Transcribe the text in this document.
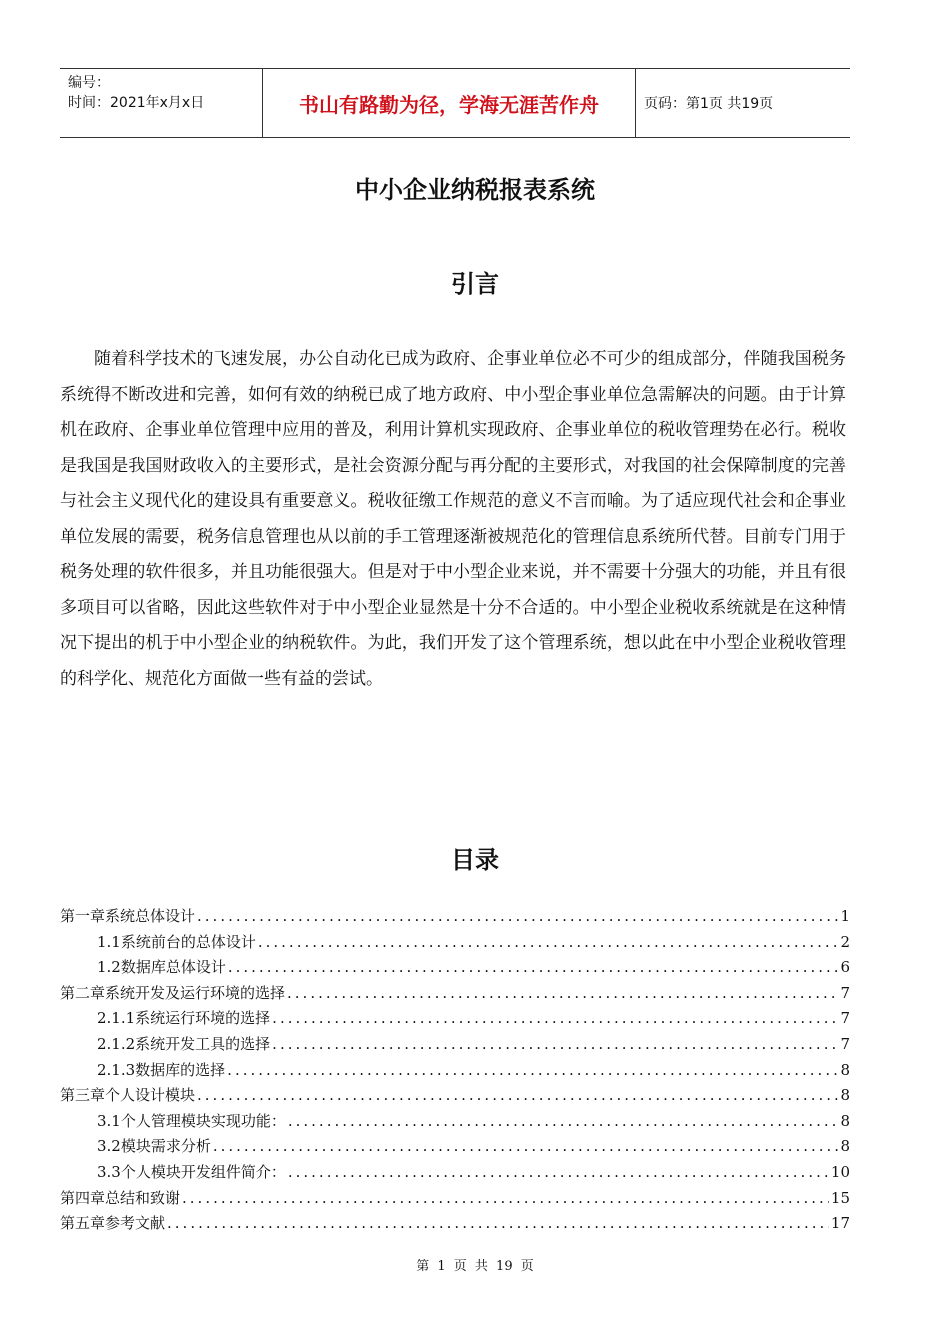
编号：
时间：2021年x月x日	书山有路勤为径，学海无涯苦作舟	页码：第1页 共19页
中小企业纳税报表系统
引言
随着科学技术的飞速发展，办公自动化已成为政府、企事业单位必不可少的组成部分，伴随我国税务系统得不断改进和完善，如何有效的纳税已成了地方政府、中小型企事业单位急需解决的问题。由于计算机在政府、企事业单位管理中应用的普及，利用计算机实现政府、企事业单位的税收管理势在必行。税收是我国是我国财政收入的主要形式，是社会资源分配与再分配的主要形式，对我国的社会保障制度的完善与社会主义现代化的建设具有重要意义。税收征缴工作规范的意义不言而喻。为了适应现代社会和企事业单位发展的需要，税务信息管理也从以前的手工管理逐渐被规范化的管理信息系统所代替。目前专门用于税务处理的软件很多，并且功能很强大。但是对于中小型企业来说，并不需要十分强大的功能，并且有很多项目可以省略，因此这些软件对于中小型企业显然是十分不合适的。中小型企业税收系统就是在这种情况下提出的机于中小型企业的纳税软件。为此，我们开发了这个管理系统，想以此在中小型企业税收管理的科学化、规范化方面做一些有益的尝试。
目录
第一章系统总体设计 .....	1
1.1系统前台的总体设计 .....	2
1.2数据库总体设计 .....	6
第二章系统开发及运行环境的选择 .....	7
2.1.1系统运行环境的选择 .....	7
2.1.2系统开发工具的选择 .....	7
2.1.3数据库的选择 .....	8
第三章个人设计模块 .....	8
3.1个人管理模块实现功能： .....	8
3.2模块需求分析 .....	8
3.3个人模块开发组件简介： .....	10
第四章总结和致谢 .....	15
第五章参考文献 .....	17
第 1 页 共 19 页
